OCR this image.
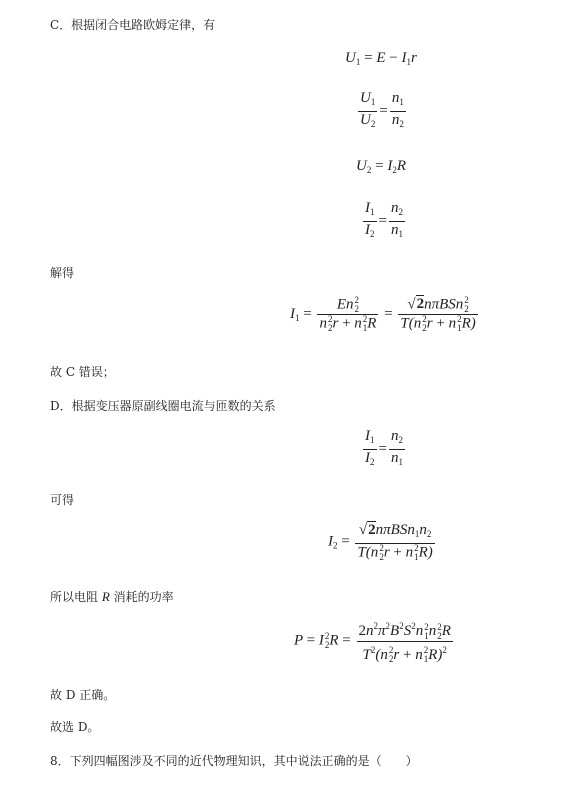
C．根据闭合电路欧姆定律，有
$U_1 = E - I_1r$
$\frac{U_1}{U_2} = \frac{n_1}{n_2}$
$U_2 = I_2R$
$\frac{I_1}{I_2} = \frac{n_2}{n_1}$
解得
$I_1 = En$ 2
2
n 2
2 r + n 2
1 R = √2nπBSn 2
2
T(n 2
2 r + n 2
1 R)
故 C 错误；
D．根据变压器原副线圈电流与匝数的关系
$\frac{I_1}{I_2} = \frac{n_2}{n_1}$
可得
$I_2 = √2n\pi BSn_1n_2$
T(n 2
2 r + n 2
1 R)
所以电阻 R 消耗的功率
P = I 2
2 $R = 2n^2\pi^2B^2S^2n$ 2
1 n 2
2 R
$T^2(n$ 2
2 r + n 2
1 R)$^2$
故 D 正确。
故选 D。
8．下列四幅图涉及不同的近代物理知识，其中说法正确的是（　　）
